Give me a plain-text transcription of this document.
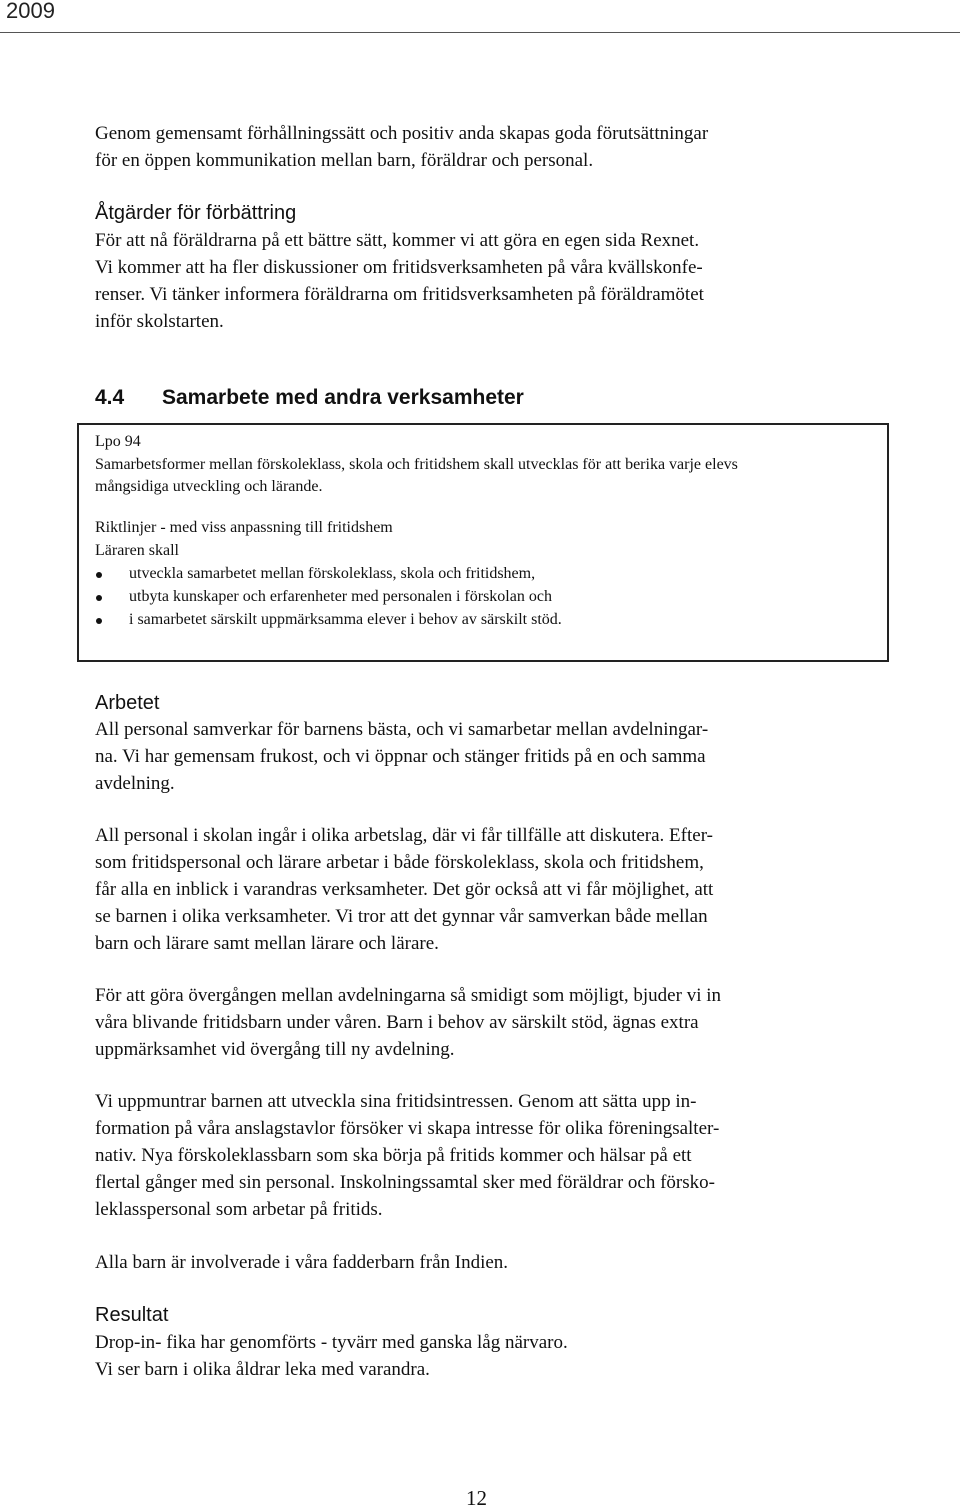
2009

Genom gemensamt förhållningssätt och positiv anda skapas goda förutsättningar
för en öppen kommunikation mellan barn, föräldrar och personal.

Åtgärder för förbättring

För att nå föräldrarna på ett bättre sätt, kommer vi att göra en egen sida Rexnet.
Vi kommer att ha fler diskussioner om fritidsverksamheten på våra kvällskonfe-
renser. Vi tänker informera föräldrarna om fritidsverksamheten på föräldramötet
inför skolstarten.

4.4 Samarbete med andra verksamheter

Lpo 94

Samarbetsformer mellan förskoleklass, skola och fritidshem skall utvecklas för att berika varje elevs

mångsidiga utveckling och lärande.

Riktlinjer - med viss anpassning till fritidshem

Läraren skall

utveckla samarbetet mellan förskoleklass, skola och fritidshem,

utbyta kunskaper och erfarenheter med personalen i förskolan och

i samarbetet särskilt uppmärksamma elever i behov av särskilt stöd.

Arbetet

All personal samverkar för barnens bästa, och vi samarbetar mellan avdelningar-
na. Vi har gemensam frukost, och vi öppnar och stänger fritids på en och samma
avdelning.

All personal i skolan ingår i olika arbetslag, där vi får tillfälle att diskutera. Efter-
som fritidspersonal och lärare arbetar i både förskoleklass, skola och fritidshem,
får alla en inblick i varandras verksamheter. Det gör också att vi får möjlighet, att
se barnen i olika verksamheter. Vi tror att det gynnar vår samverkan både mellan
barn och lärare samt mellan lärare och lärare.

För att göra övergången mellan avdelningarna så smidigt som möjligt, bjuder vi in
våra blivande fritidsbarn under våren. Barn i behov av särskilt stöd, ägnas extra
uppmärksamhet vid övergång till ny avdelning.

Vi uppmuntrar barnen att utveckla sina fritidsintressen. Genom att sätta upp in-
formation på våra anslagstavlor försöker vi skapa intresse för olika föreningsalter-
nativ. Nya förskoleklassbarn som ska börja på fritids kommer och hälsar på ett
flertal gånger med sin personal. Inskolningssamtal sker med föräldrar och försko-
leklasspersonal som arbetar på fritids.

Alla barn är involverade i våra fadderbarn från Indien.

Resultat

Drop-in- fika har genomförts - tyvärr med ganska låg närvaro.
Vi ser barn i olika åldrar leka med varandra.

12
